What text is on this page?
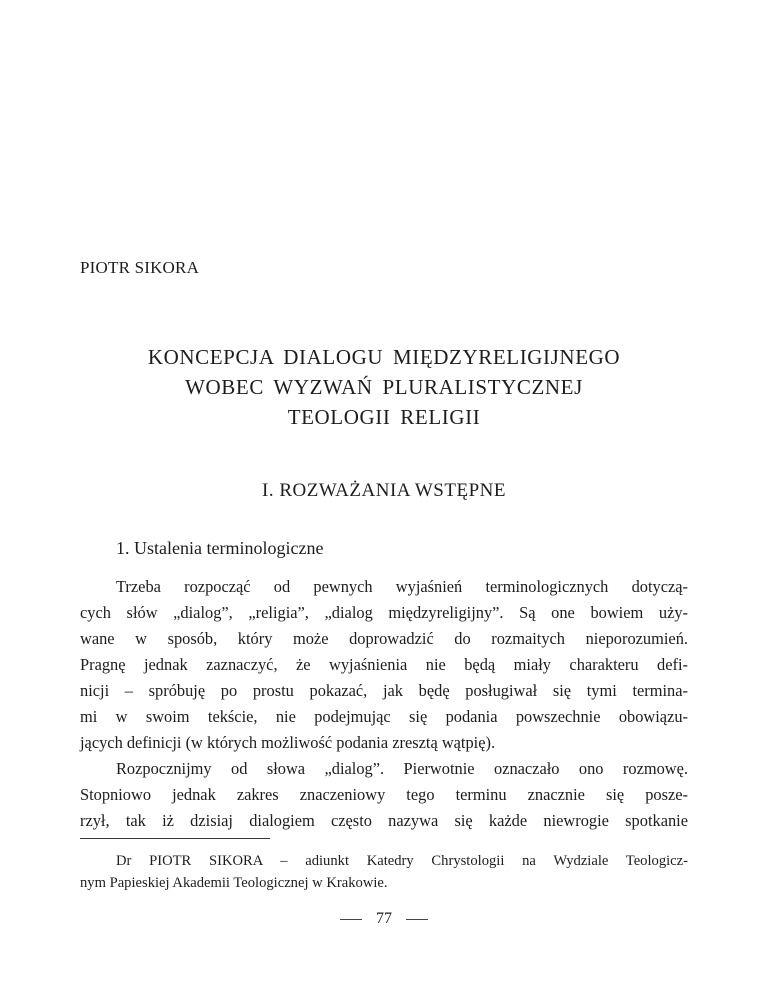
PIOTR SIKORA
KONCEPCJA DIALOGU MIĘDZYRELIGIJNEGO
WOBEC WYZWAŃ PLURALISTYCZNEJ
TEOLOGII RELIGII
I. ROZWAŻANIA WSTĘPNE
1. Ustalenia terminologiczne
Trzeba rozpocząć od pewnych wyjaśnień terminologicznych dotyczą-
cych słów „dialog”, „religia”, „dialog międzyreligijny”. Są one bowiem uży-
wane w sposób, który może doprowadzić do rozmaitych nieporozumień.
Pragnę jednak zaznaczyć, że wyjaśnienia nie będą miały charakteru defi-
nicji – spróbuję po prostu pokazać, jak będę posługiwał się tymi termina-
mi w swoim tekście, nie podejmując się podania powszechnie obowiązu-
jących definicji (w których możliwość podania zresztą wątpię).
Rozpocznijmy od słowa „dialog”. Pierwotnie oznaczało ono rozmowę.
Stopniowo jednak zakres znaczeniowy tego terminu znacznie się posze-
rzył, tak iż dzisiaj dialogiem często nazywa się każde niewrogie spotkanie
Dr PIOTR SIKORA – adiunkt Katedry Chrystologii na Wydziale Teologicz-
nym Papieskiej Akademii Teologicznej w Krakowie.
77
